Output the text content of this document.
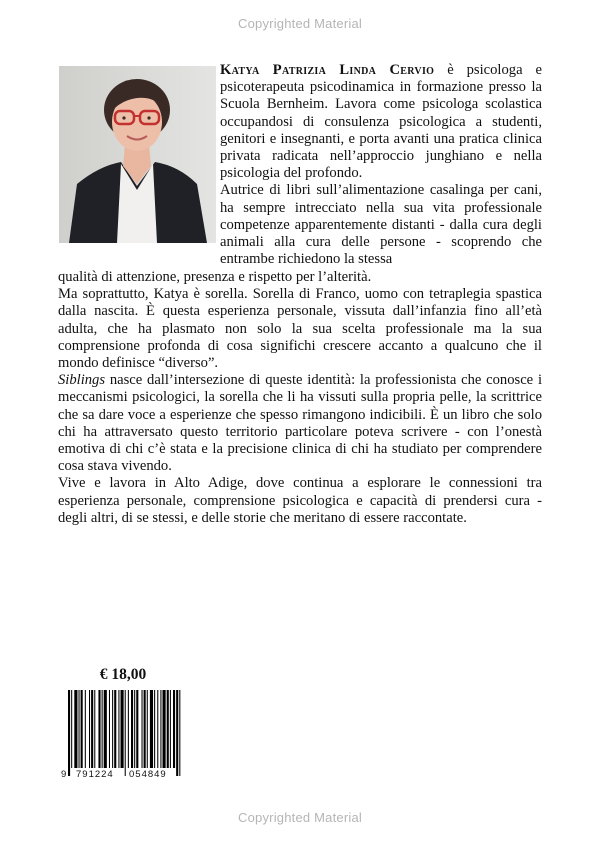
Copyrighted Material

Katya Patrizia Linda Cervio è psicologa e psicoterapeuta psicodinamica in formazione presso la Scuola Bernheim. Lavora come psicologa scolastica occupandosi di consulenza psicologica a studenti, genitori e insegnanti, e porta avanti una pratica clinica privata radicata nell’approccio junghiano e nella psicologia del profondo.

Autrice di libri sull’alimentazione casalinga per cani, ha sempre intrecciato nella sua vita professionale competenze apparentemente distanti - dalla cura degli animali alla cura delle persone - scoprendo che entrambe richiedono la stessa

qualità di attenzione, presenza e rispetto per l’alterità.

Ma soprattutto, Katya è sorella. Sorella di Franco, uomo con tetraplegia spastica dalla nascita. È questa esperienza personale, vissuta dall’infanzia fino all’età adulta, che ha plasmato non solo la sua scelta professionale ma la sua comprensione profonda di cosa significhi crescere accanto a qualcuno che il mondo definisce “diverso”.

Siblings nasce dall’intersezione di queste identità: la professionista che conosce i meccanismi psicologici, la sorella che li ha vissuti sulla propria pelle, la scrittrice che sa dare voce a esperienze che spesso rimangono indicibili. È un libro che solo chi ha attraversato questo territorio particolare poteva scrivere - con l’onestà emotiva di chi c’è stata e la precisione clinica di chi ha studiato per comprendere cosa stava vivendo.

Vive e lavora in Alto Adige, dove continua a esplorare le connessioni tra esperienza personale, comprensione psicologica e capacità di prendersi cura - degli altri, di se stessi, e delle storie che meritano di essere raccontate.

€ 18,00
9 791224 054849
Copyrighted Material
